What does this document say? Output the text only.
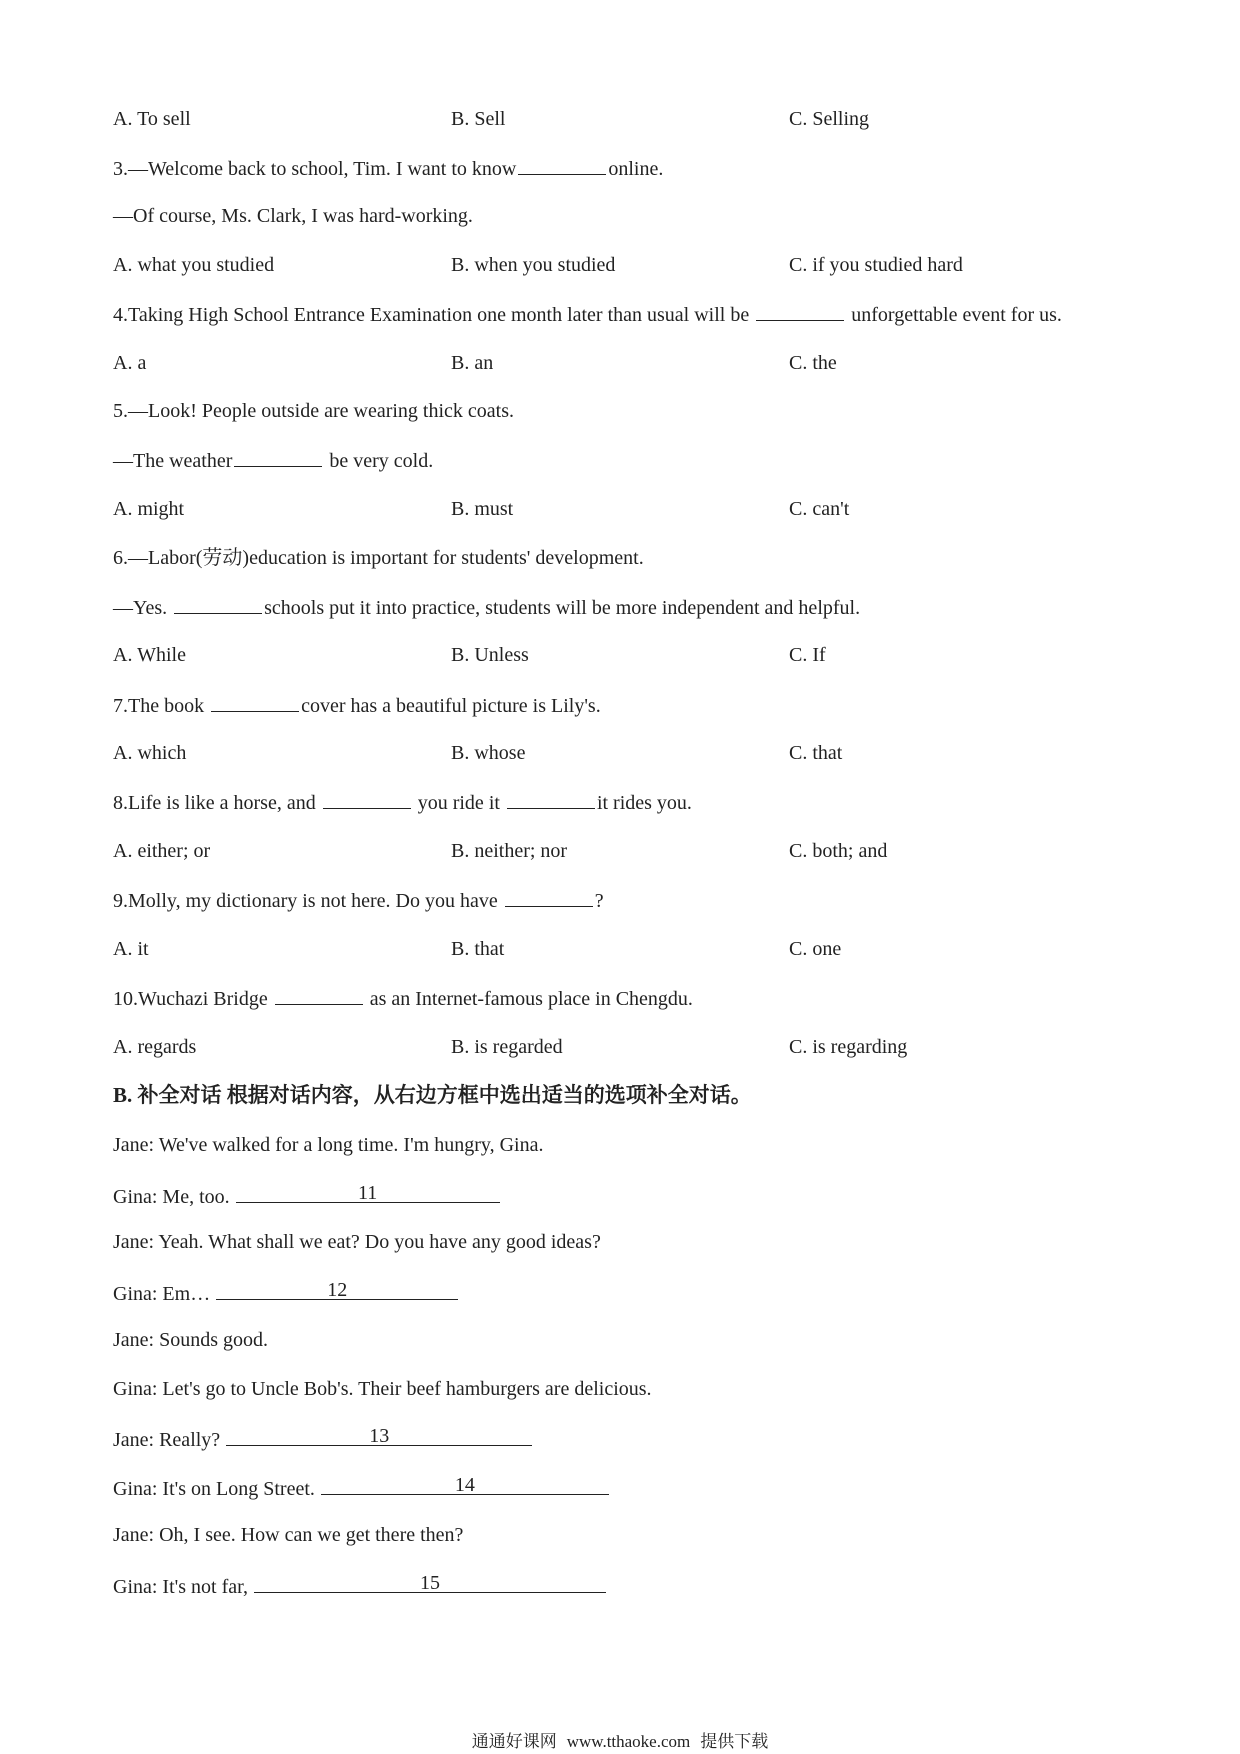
A. To sell	B. Sell	C. Selling
3.—Welcome back to school, Tim. I want to know	online.
—Of course, Ms. Clark, I was hard-working.
A. what you studied	B. when you studied	C. if you studied hard
4.Taking High School Entrance Examination one month later than usual will be	unforgettable event for us.
A. a	B. an	C. the
5.—Look! People outside are wearing thick coats.
—The weather	be very cold.
A. might	B. must	C. can't
6.—Labor(劳动)education is important for students' development.
—Yes.	schools put it into practice, students will be more independent and helpful.
A. While	B. Unless	C. If
7.The book	cover has a beautiful picture is Lily's.
A. which	B. whose	C. that
8.Life is like a horse, and	you ride it	it rides you.
A. either; or	B. neither; nor	C. both; and
9.Molly, my dictionary is not here. Do you have	?
A. it	B. that	C. one
10.Wuchazi Bridge	as an Internet-famous place in Chengdu.
A. regards	B. is regarded	C. is regarding
B. 补全对话 根据对话内容，从右边方框中选出适当的选项补全对话。
Jane: We've walked for a long time. I'm hungry, Gina.
Gina: Me, too.	11
Jane: Yeah. What shall we eat? Do you have any good ideas?
Gina: Em…	12
Jane: Sounds good.
Gina: Let's go to Uncle Bob's. Their beef hamburgers are delicious.
Jane: Really?	13
Gina: It's on Long Street.	14
Jane: Oh, I see. How can we get there then?
Gina: It's not far,	15
通通好课网 www.tthaoke.com 提供下载
